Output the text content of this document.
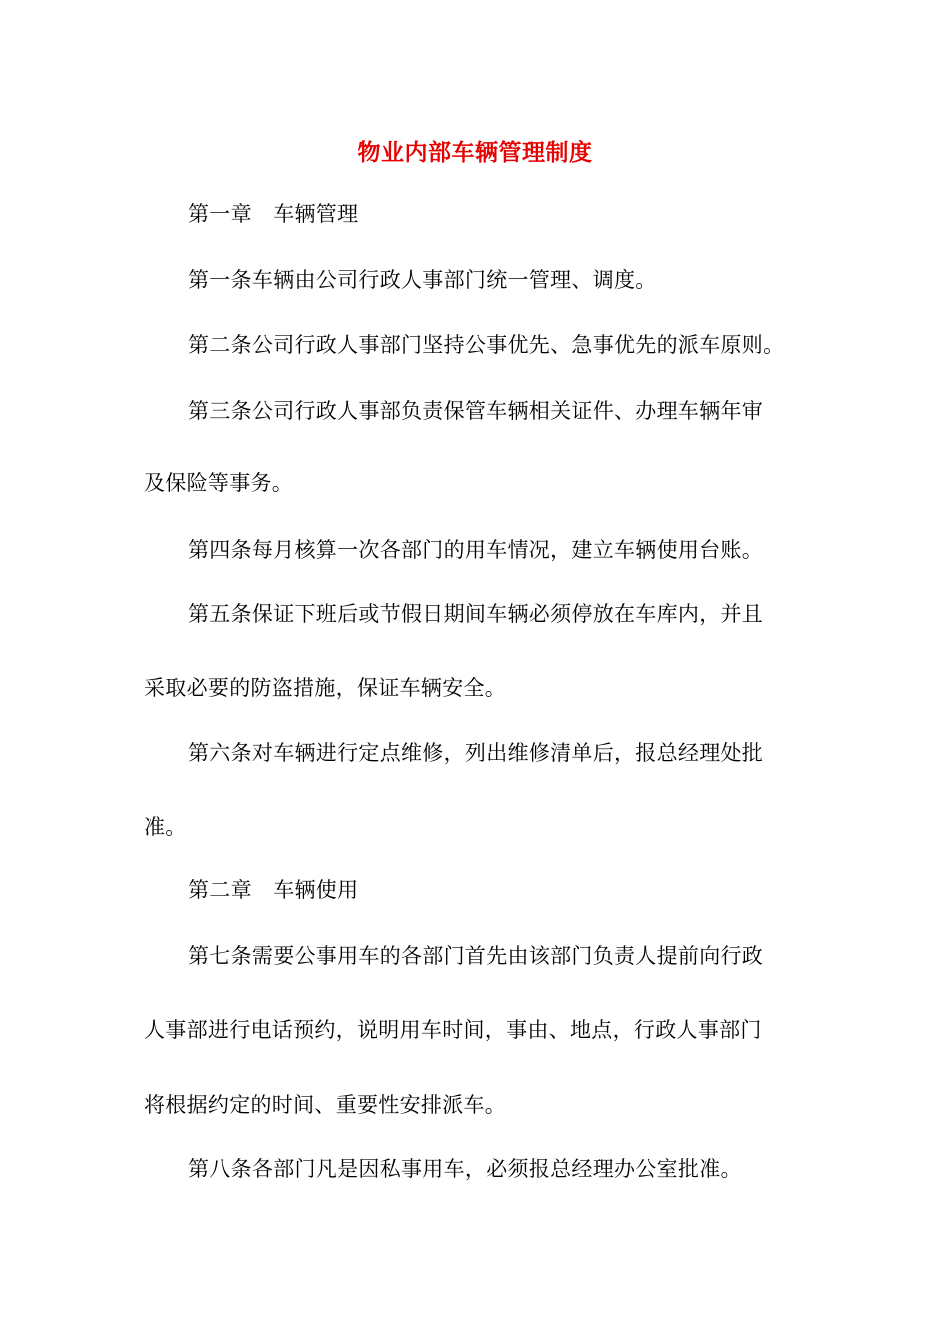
物业内部车辆管理制度
第一章　车辆管理
第一条车辆由公司行政人事部门统一管理、调度。
第二条公司行政人事部门坚持公事优先、急事优先的派车原则。
第三条公司行政人事部负责保管车辆相关证件、办理车辆年审
及保险等事务。
第四条每月核算一次各部门的用车情况，建立车辆使用台账。
第五条保证下班后或节假日期间车辆必须停放在车库内，并且
采取必要的防盗措施，保证车辆安全。
第六条对车辆进行定点维修，列出维修清单后，报总经理处批
准。
第二章　车辆使用
第七条需要公事用车的各部门首先由该部门负责人提前向行政
人事部进行电话预约，说明用车时间，事由、地点，行政人事部门
将根据约定的时间、重要性安排派车。
第八条各部门凡是因私事用车，必须报总经理办公室批准。
